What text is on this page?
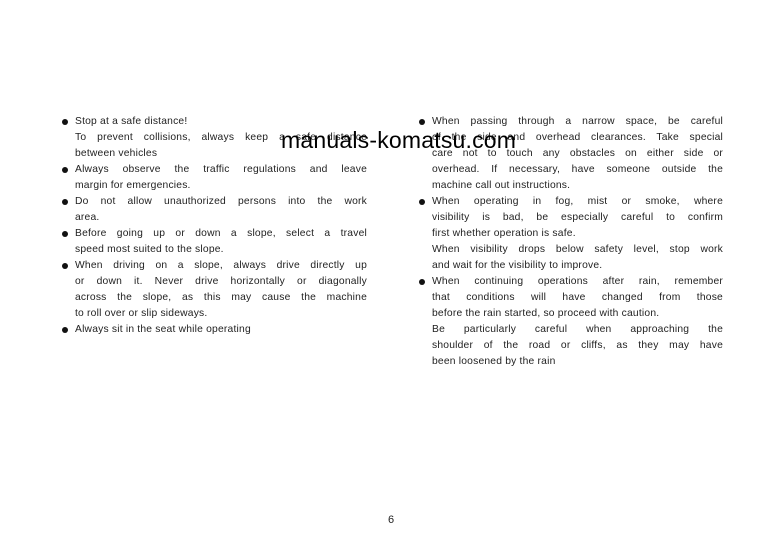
Stop at a safe distance!
To prevent collisions, always keep a safe distance
between vehicles
Always observe the traffic regulations and leave
margin for emergencies.
Do not allow unauthorized persons into the work
area.
Before going up or down a slope, select a travel
speed most suited to the slope.
When driving on a slope, always drive directly up
or down it. Never drive horizontally or diagonally
across the slope, as this may cause the machine
to roll over or slip sideways.
Always sit in the seat while operating
When passing through a narrow space, be careful
of the side and overhead clearances. Take special
care not to touch any obstacles on either side or
overhead. If necessary, have someone outside the
machine call out instructions.
When operating in fog, mist or smoke, where
visibility is bad, be especially careful to confirm
first whether operation is safe.
When visibility drops below safety level, stop work
and wait for the visibility to improve.
When continuing operations after rain, remember
that conditions will have changed from those
before the rain started, so proceed with caution.
Be particularly careful when approaching the
shoulder of the road or cliffs, as they may have
been loosened by the rain
manuals-komatsu.com
6
